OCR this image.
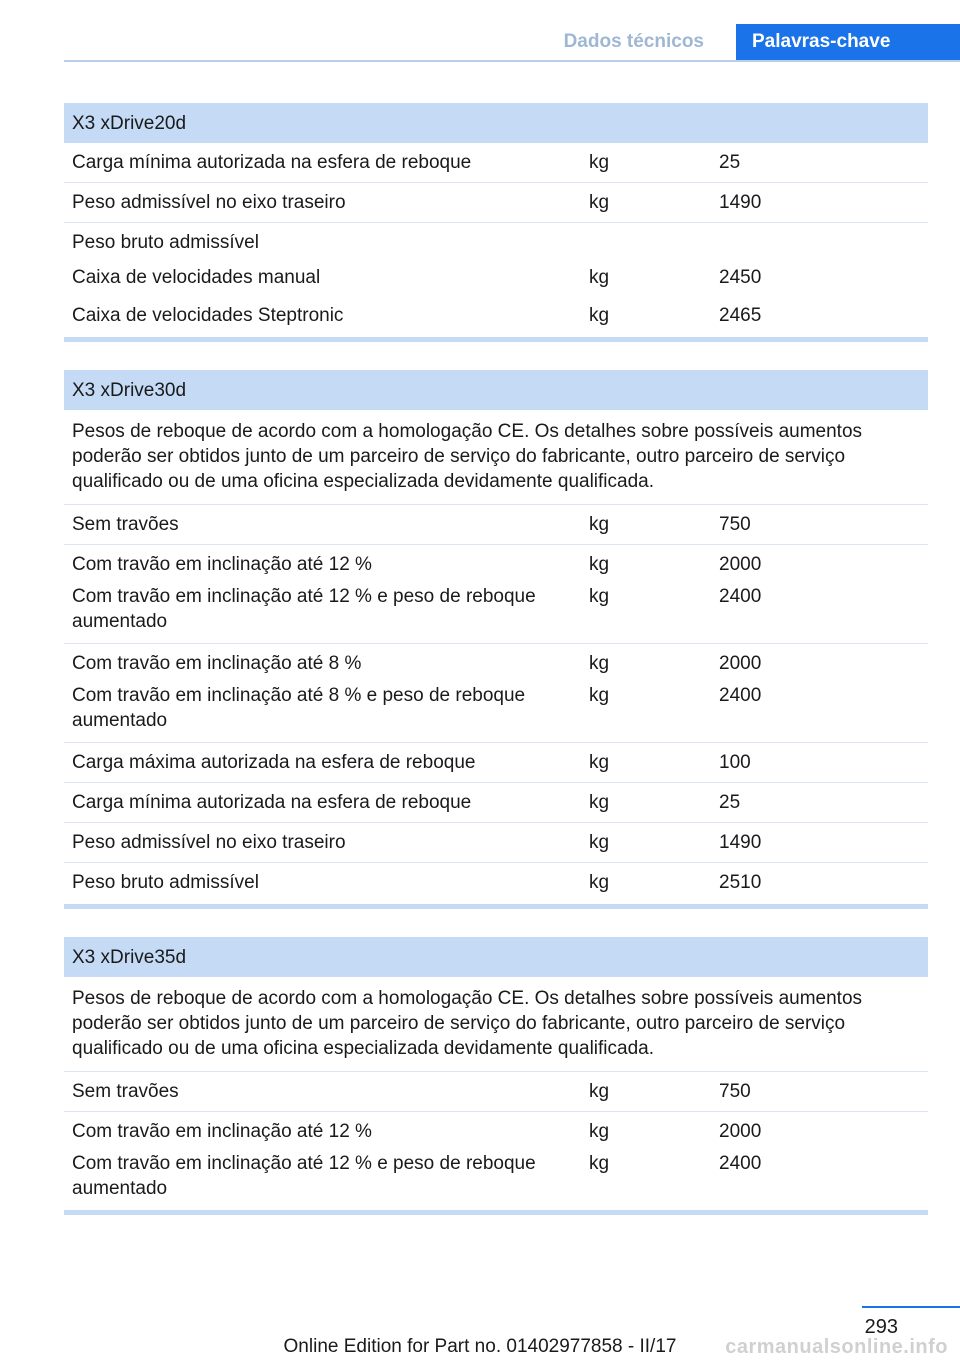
Dados técnicos	Palavras-chave
X3 xDrive20d		
Carga mínima autorizada na esfera de reboque	kg	25
Peso admissível no eixo traseiro	kg	1490
Peso bruto admissível		
Caixa de velocidades manual	kg	2450
Caixa de velocidades Steptronic	kg	2465
X3 xDrive30d		
Pesos de reboque de acordo com a homologação CE. Os detalhes sobre possíveis aumentos poderão ser obtidos junto de um parceiro de serviço do fabricante, outro parceiro de serviço qualificado ou de uma oficina especializada devidamente qualificada.		
Sem travões	kg	750
Com travão em inclinação até 12 %	kg	2000
Com travão em inclinação até 12 % e peso de reboque aumentado	kg	2400
Com travão em inclinação até 8 %	kg	2000
Com travão em inclinação até 8 % e peso de reboque aumentado	kg	2400
Carga máxima autorizada na esfera de reboque	kg	100
Carga mínima autorizada na esfera de reboque	kg	25
Peso admissível no eixo traseiro	kg	1490
Peso bruto admissível	kg	2510
X3 xDrive35d		
Pesos de reboque de acordo com a homologação CE. Os detalhes sobre possíveis aumentos poderão ser obtidos junto de um parceiro de serviço do fabricante, outro parceiro de serviço qualificado ou de uma oficina especializada devidamente qualificada.		
Sem travões	kg	750
Com travão em inclinação até 12 %	kg	2000
Com travão em inclinação até 12 % e peso de reboque aumentado	kg	2400
293
Online Edition for Part no. 01402977858 - II/17	carmanualsonline.info
